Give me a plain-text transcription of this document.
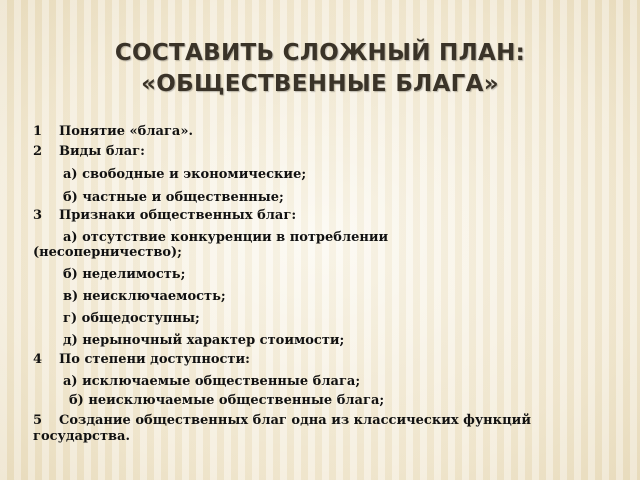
СОСТАВИТЬ СЛОЖНЫЙ ПЛАН:
«ОБЩЕСТВЕННЫЕ БЛАГА»
1 Понятие «блага».
2 Виды благ:
а) свободные и экономические;
б) частные и общественные;
3 Признаки общественных благ:
а) отсутствие конкуренции в потреблении
(несоперничество);
б) неделимость;
в) неисключаемость;
г) общедоступны;
д) нерыночный характер стоимости;
4 По степени доступности:
а) исключаемые общественные блага;
б) неисключаемые общественные блага;
5 Создание общественных благ одна из классических функций
государства.
